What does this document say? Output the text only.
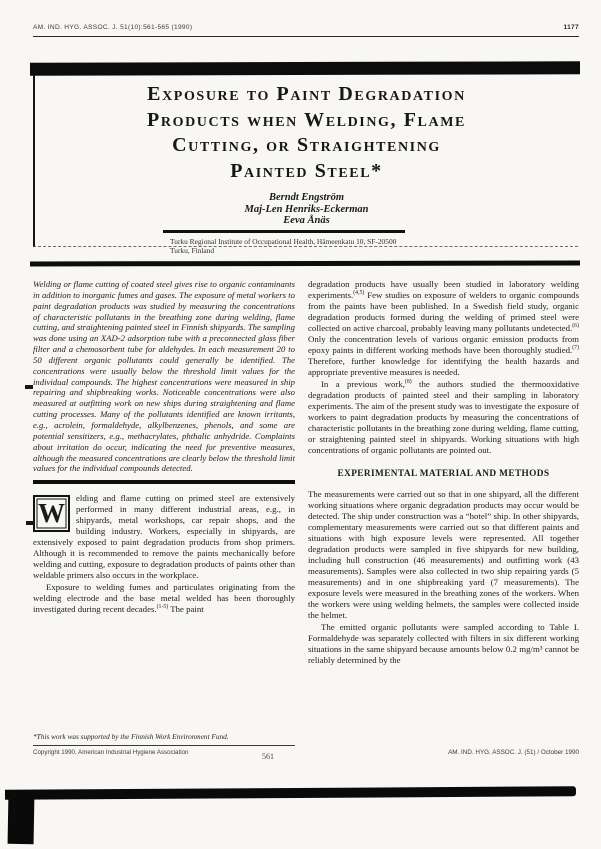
AM. IND. HYG. ASSOC. J. 51(10):561-565 (1990)	1177
Exposure to Paint Degradation
Products when Welding, Flame
Cutting, or Straightening
Painted Steel*
Berndt Engström
Maj-Len Henriks-Eckerman
Eeva Ånäs
Turku Regional Institute of Occupational Health, Hämeenkatu 10, SF-20500
Turku, Finland

Welding or flame cutting of coated steel gives rise to organic contaminants in addition to inorganic fumes and gases. The exposure of metal workers to paint degradation products was studied by measuring the concentrations of characteristic pollutants in the breathing zone during welding, flame cutting, and straightening painted steel in Finnish shipyards. The sampling was done using an XAD-2 adsorption tube with a preconnected glass fiber filter and a chemosorbent tube for aldehydes. In each measurement 20 to 50 different organic pollutants could generally be identified. The concentrations were usually below the threshold limit values for the individual compounds. The highest concentrations were measured in ship repairing and shipbreaking works. Noticeable concentrations were also measured at outfitting work on new ships during straightening and flame cutting processes. Many of the pollutants identified are known irritants, e.g., acrolein, formaldehyde, alkylbenzenes, phenols, and some are potential sensitizers, e.g., methacrylates, phthalic anhydride. Complaints about irritation do occur, indicating the need for preventive measures, although the measured concentrations are clearly below the threshold limit values for the individual compounds detected.

W elding and flame cutting on primed steel are extensively performed in many different industrial areas, e.g., in shipyards, metal workshops, car repair shops, and the building industry. Workers, especially in shipyards, are extensively exposed to paint degradation products from shop primers. Although it is recommended to remove the paints mechanically before welding and cutting, exposure to degradation products of paints other than weldable primers also occurs in the workplace.

Exposure to welding fumes and particulates originating from the welding electrode and the base metal welded has been thoroughly investigated during recent decades.$^{(1-5)}$ The paint

*This work was supported by the Finnish Work Environment Fund.
Copyright 1990, American Industrial Hygiene Association

degradation products have usually been studied in laboratory welding experiments.$^{(4,5)}$ Few studies on exposure of welders to organic compounds from the paints have been published. In a Swedish field study, organic degradation products formed during the welding of primed steel were collected on active charcoal, probably leaving many pollutants undetected.$^{(6)}$ Only the concentration levels of various organic emission products from epoxy paints in different working methods have been thoroughly studied.$^{(7)}$ Therefore, further knowledge for identifying the health hazards and appropriate preventive measures is needed.

In a previous work,$^{(8)}$ the authors studied the thermooxidative degradation products of painted steel and their sampling in laboratory experiments. The aim of the present study was to investigate the exposure of workers to paint degradation products by measuring the concentrations of characteristic pollutants in the breathing zone during welding, flame cutting, or straightening painted steel in shipyards. Working situations with high concentrations of organic pollutants are pointed out.

EXPERIMENTAL MATERIAL AND METHODS

The measurements were carried out so that in one shipyard, all the different working situations where organic degradation products may occur would be detected. The ship under construction was a “hotel” ship. In other shipyards, complementary measurements were carried out so that different paints and situations with high exposure levels were represented. All together degradation products were sampled in five shipyards for new building, including hull construction (46 measurements) and outfitting work (43 measurements). Samples were also collected in two ship repairing yards (5 measurements) and in one shipbreaking yard (7 measurements). The exposure levels were measured in the breathing zones of the workers. When the workers were using welding helmets, the samples were collected inside the helmet.

The emitted organic pollutants were sampled according to Table I. Formaldehyde was separately collected with filters in six different working situations in the same shipyard because amounts below 0.2 mg/m³ cannot be reliably determined by the

AM. IND. HYG. ASSOC. J. (51) / October 1990
561
